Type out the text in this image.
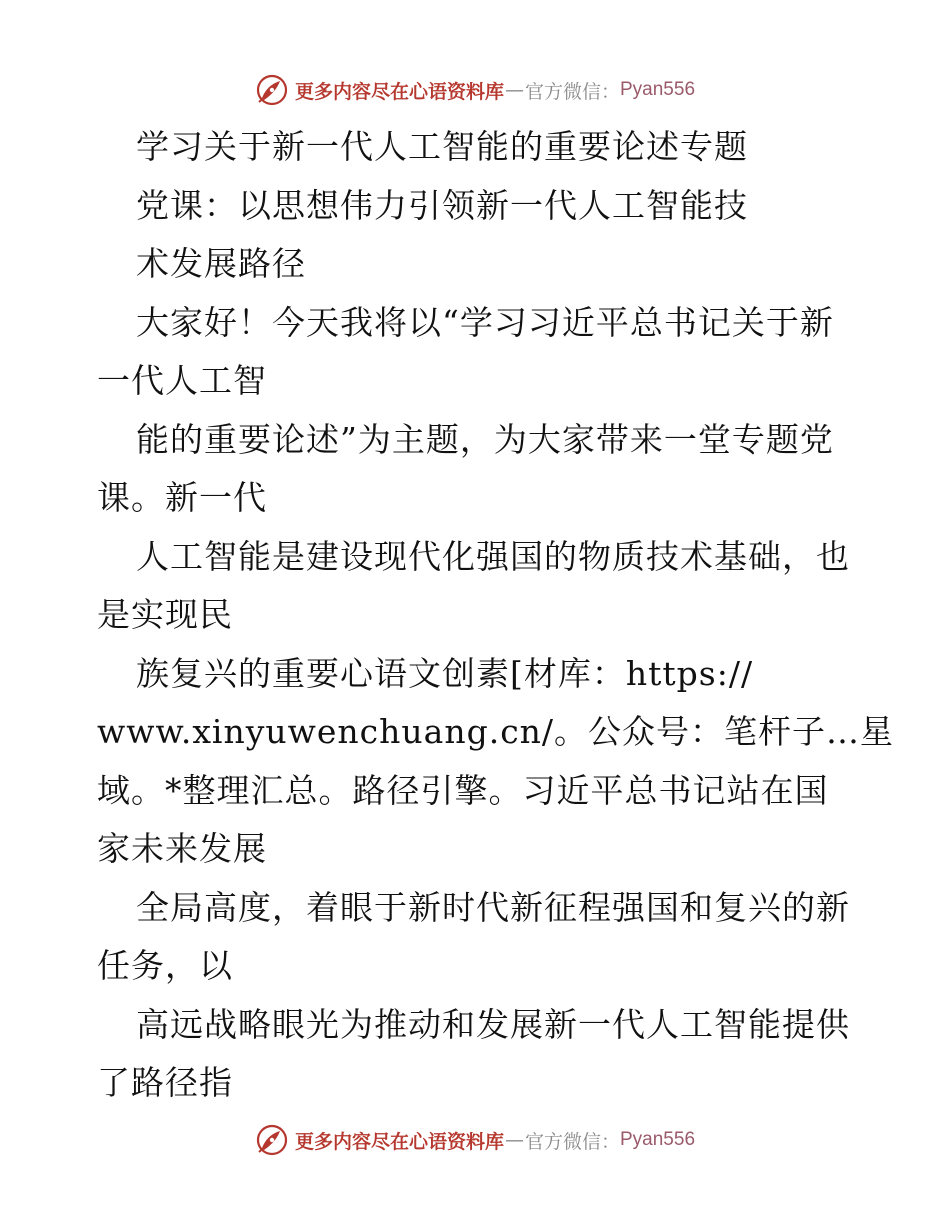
更多内容尽在心语资料库 — 官方微信： Pyan556
学习关于新一代人工智能的重要论述专题
党课：以思想伟力引领新一代人工智能技
术发展路径
大家好！今天我将以“学习习近平总书记关于新
一代人工智
能的重要论述”为主题，为大家带来一堂专题党
课。新一代
人工智能是建设现代化强国的物质技术基础，也
是实现民
族复兴的重要心语文创素[材库：https://
www.xinyuwenchuang.cn/。公众号：笔杆子…星
域。*整理汇总。路径引擎。习近平总书记站在国
家未来发展
全局高度，着眼于新时代新征程强国和复兴的新
任务，以
高远战略眼光为推动和发展新一代人工智能提供
了路径指
更多内容尽在心语资料库 — 官方微信： Pyan556
